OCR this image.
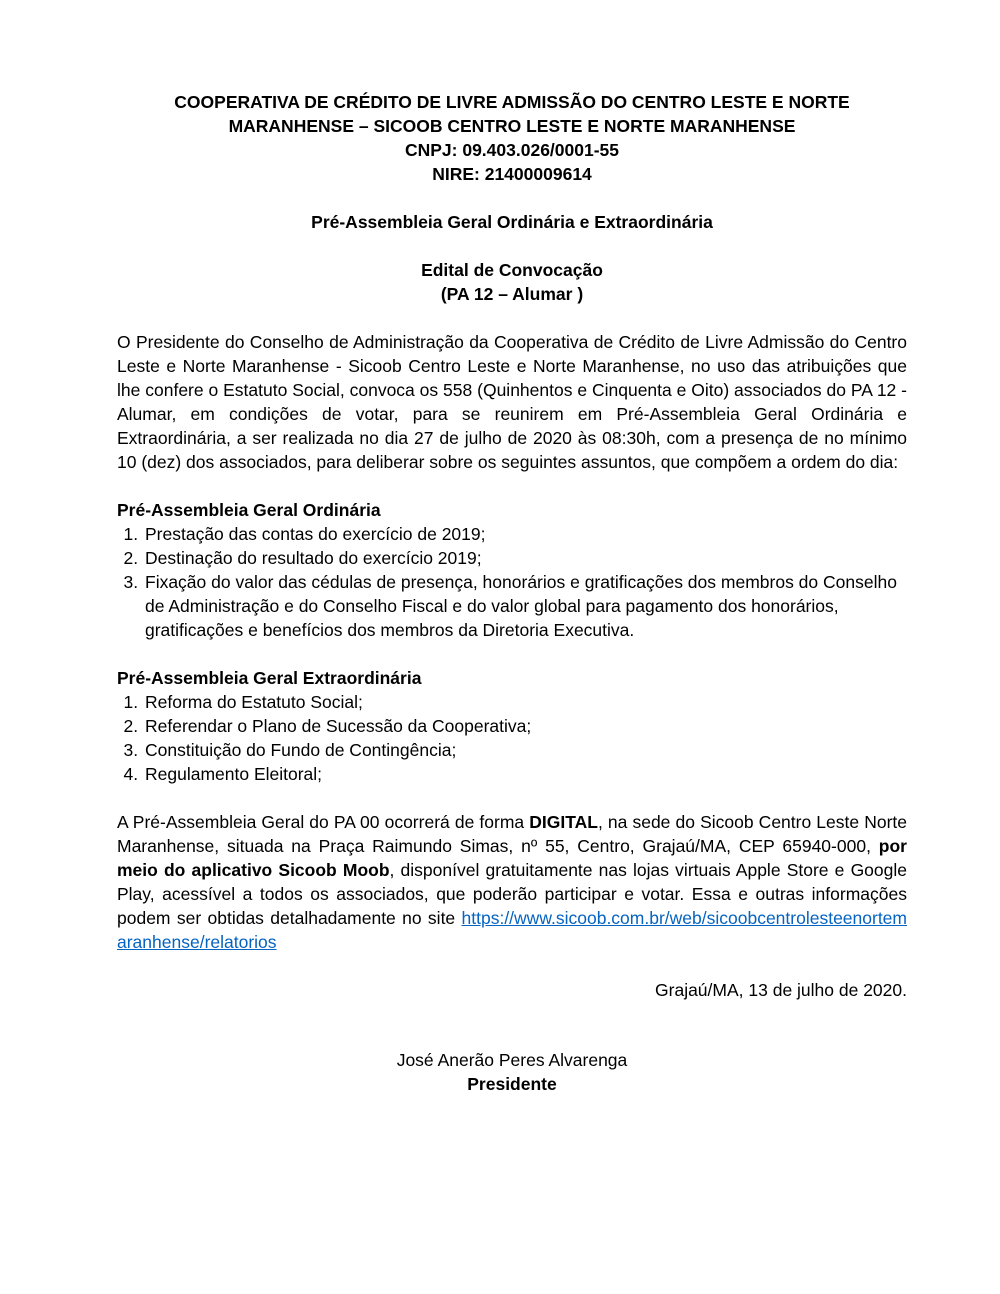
COOPERATIVA DE CRÉDITO DE LIVRE ADMISSÃO DO CENTRO LESTE E NORTE MARANHENSE – SICOOB CENTRO LESTE E NORTE MARANHENSE
CNPJ: 09.403.026/0001-55
NIRE: 21400009614
Pré-Assembleia Geral Ordinária e Extraordinária
Edital de Convocação
(PA 12 – Alumar )

O Presidente do Conselho de Administração da Cooperativa de Crédito de Livre Admissão do Centro Leste e Norte Maranhense - Sicoob Centro Leste e Norte Maranhense, no uso das atribuições que lhe confere o Estatuto Social, convoca os 558 (Quinhentos e Cinquenta e Oito) associados do PA 12 - Alumar, em condições de votar, para se reunirem em Pré-Assembleia Geral Ordinária e Extraordinária, a ser realizada no dia 27 de julho de 2020 às 08:30h, com a presença de no mínimo 10 (dez) dos associados, para deliberar sobre os seguintes assuntos, que compõem a ordem do dia:

Pré-Assembleia Geral Ordinária
1. Prestação das contas do exercício de 2019;
2. Destinação do resultado do exercício 2019;
3. Fixação do valor das cédulas de presença, honorários e gratificações dos membros do Conselho de Administração e do Conselho Fiscal e do valor global para pagamento dos honorários, gratificações e benefícios dos membros da Diretoria Executiva.
Pré-Assembleia Geral Extraordinária
1. Reforma do Estatuto Social;
2. Referendar o Plano de Sucessão da Cooperativa;
3. Constituição do Fundo de Contingência;
4. Regulamento Eleitoral;

A Pré-Assembleia Geral do PA 00 ocorrerá de forma DIGITAL, na sede do Sicoob Centro Leste Norte Maranhense, situada na Praça Raimundo Simas, nº 55, Centro, Grajaú/MA, CEP 65940-000, por meio do aplicativo Sicoob Moob, disponível gratuitamente nas lojas virtuais Apple Store e Google Play, acessível a todos os associados, que poderão participar e votar. Essa e outras informações podem ser obtidas detalhadamente no site https://www.sicoob.com.br/web/sicoobcentrolesteenortemaranhense/relatorios

Grajaú/MA, 13 de julho de 2020.

José Anerão Peres Alvarenga
Presidente
